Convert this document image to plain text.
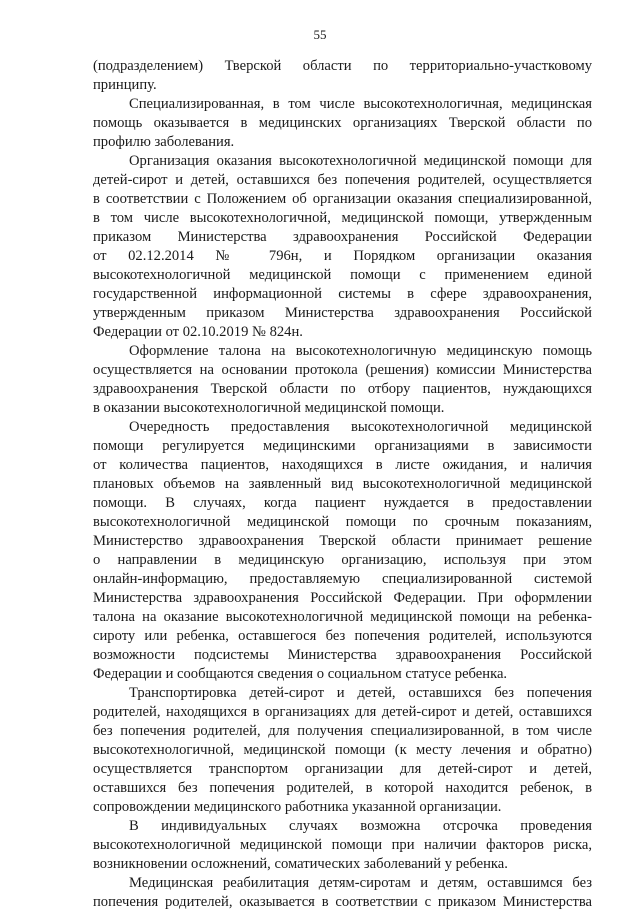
55
(подразделением) Тверской области по территориально-участковому
принципу.
Специализированная, в том числе высокотехнологичная, медицинская
помощь оказывается в медицинских организациях Тверской области по
профилю заболевания.
Организация оказания высокотехнологичной медицинской помощи для
детей-сирот и детей, оставшихся без попечения родителей, осуществляется
в соответствии с Положением об организации оказания специализированной,
в том числе высокотехнологичной, медицинской помощи, утвержденным
приказом Министерства здравоохранения Российской Федерации
от 02.12.2014 № 796н, и Порядком организации оказания
высокотехнологичной медицинской помощи с применением единой
государственной информационной системы в сфере здравоохранения,
утвержденным приказом Министерства здравоохранения Российской
Федерации от 02.10.2019 № 824н.
Оформление талона на высокотехнологичную медицинскую помощь
осуществляется на основании протокола (решения) комиссии Министерства
здравоохранения Тверской области по отбору пациентов, нуждающихся
в оказании высокотехнологичной медицинской помощи.
Очередность предоставления высокотехнологичной медицинской
помощи регулируется медицинскими организациями в зависимости
от количества пациентов, находящихся в листе ожидания, и наличия
плановых объемов на заявленный вид высокотехнологичной медицинской
помощи. В случаях, когда пациент нуждается в предоставлении
высокотехнологичной медицинской помощи по срочным показаниям,
Министерство здравоохранения Тверской области принимает решение
о направлении в медицинскую организацию, используя при этом
онлайн-информацию, предоставляемую специализированной системой
Министерства здравоохранения Российской Федерации. При оформлении
талона на оказание высокотехнологичной медицинской помощи на ребенка-
сироту или ребенка, оставшегося без попечения родителей, используются
возможности подсистемы Министерства здравоохранения Российской
Федерации и сообщаются сведения о социальном статусе ребенка.
Транспортировка детей-сирот и детей, оставшихся без попечения
родителей, находящихся в организациях для детей-сирот и детей, оставшихся
без попечения родителей, для получения специализированной, в том числе
высокотехнологичной, медицинской помощи (к месту лечения и обратно)
осуществляется транспортом организации для детей-сирот и детей,
оставшихся без попечения родителей, в которой находится ребенок, в
сопровождении медицинского работника указанной организации.
В индивидуальных случаях возможна отсрочка проведения
высокотехнологичной медицинской помощи при наличии факторов риска,
возникновении осложнений, соматических заболеваний у ребенка.
Медицинская реабилитация детям-сиротам и детям, оставшимся без
попечения родителей, оказывается в соответствии с приказом Министерства
